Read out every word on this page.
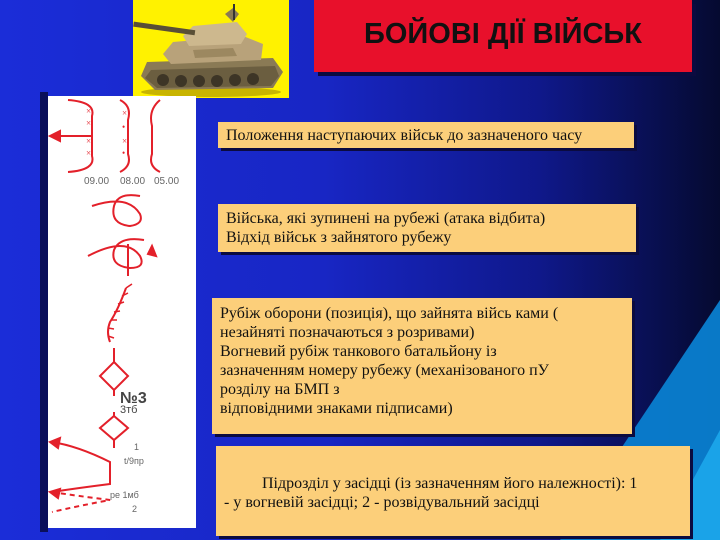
БОЙОВІ ДІЇ ВІЙСЬК
×
×
×
×
×
•
×
•
09.00 08.00 05.00
№3
3тб
1
t/9пр
ре 1мб
2
Положення наступаючих військ до зазначеного часу
Війська, які зупинені на рубежі (атака відбита)
Відхід військ з зайнятого рубежу
Рубіж оборони (позиція), що зайнята війсь ками (
незайняті позначаються з розривами)
Вогневий рубіж танкового батальйону із
зазначенням номеру рубежу (механізованого пУ
розділу на БМП з
відповідними знаками підписами)
Підрозділ у засідці (із зазначенням його належності): 1
- у вогневій засідці; 2 - розвідувальний засідці
